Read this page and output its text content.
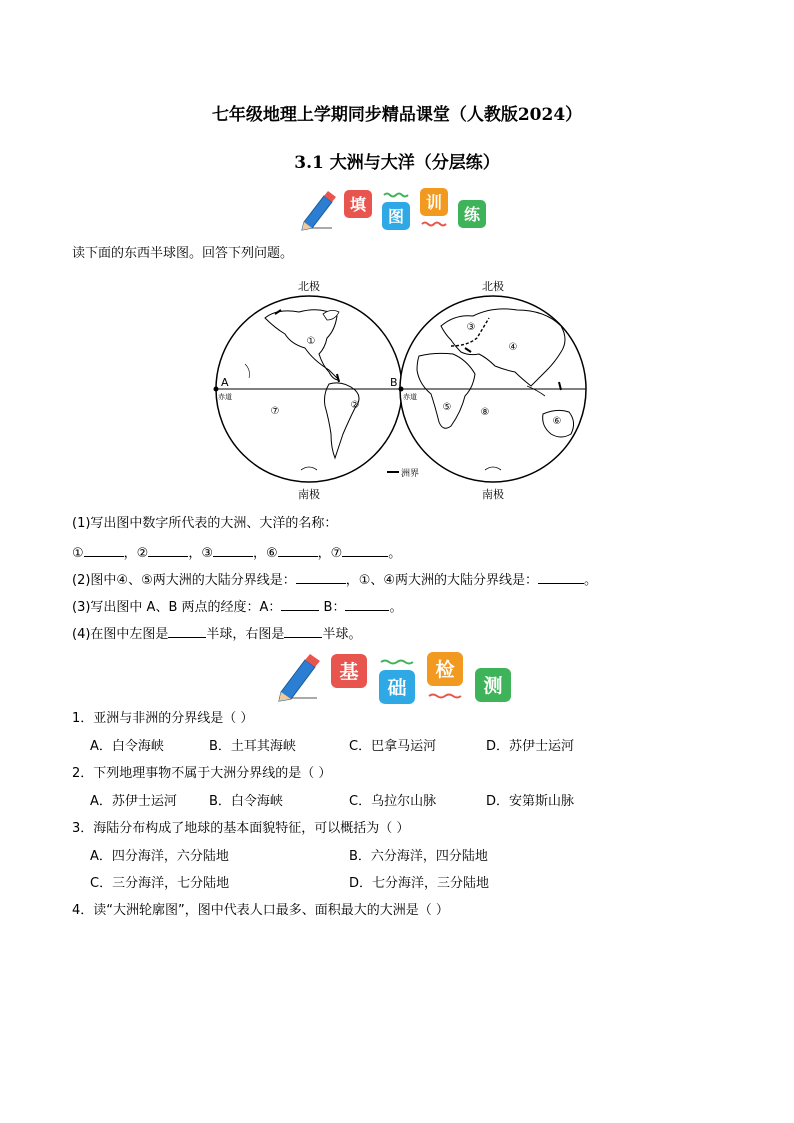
七年级地理上学期同步精品课堂（人教版2024）
3.1 大洲与大洋（分层练）
填
图
训
练
读下面的东西半球图。回答下列问题。
北极	北极
南极	南极
A	B
赤道	赤道
①
②
③
④
⑤
⑥
⑦	⑧
洲界
(1)写出图中数字所代表的大洲、大洋的名称：
①	，②	，③	，⑥	，⑦	。
(2)图中④、⑤两大洲的大陆分界线是：	，①、④两大洲的大陆分界线是：	。
(3)写出图中 A、B 两点的经度：A：	B：	。
(4)在图中左图是	半球，右图是	半球。
基
础
检
测
1．亚洲与非洲的分界线是（ ）
A．白令海峡	B．土耳其海峡	C．巴拿马运河	D．苏伊士运河
2．下列地理事物不属于大洲分界线的是（ ）
A．苏伊士运河 B．白令海峡	C．乌拉尔山脉	D．安第斯山脉
3．海陆分布构成了地球的基本面貌特征，可以概括为（ ）
A．四分海洋，六分陆地	B．六分海洋，四分陆地
C．三分海洋，七分陆地	D．七分海洋，三分陆地
4．读“大洲轮廓图”，图中代表人口最多、面积最大的大洲是（ ）
